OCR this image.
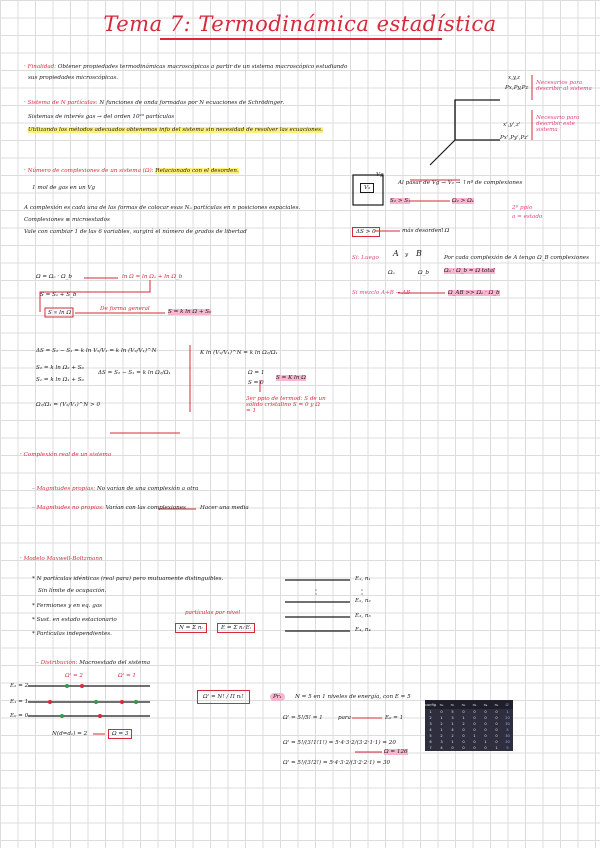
Tema 7: Termodinámica estadística
· Finalidad: Obtener propiedades termodinámicas macroscópicas a partir de un sistema macroscópico estudiando
sus propiedades microscópicas.	x,y,z
Px,Py,Pz
Necesarios para describir al sistema
x',y',z'
Px',Py',Pz'
Necesario para describir este sistema
· Sistema de N partículas: N funciones de onda formadas por N ecuaciones de Schrödinger.
Sistemas de interés gas → del orden 10²³ partículas
Utilizando los métodos adecuados obtenemos info del sistema sin necesidad de resolver las ecuaciones.
· Número de complexiones de un sistema (Ω): Relacionado con el desorden.
1 mol de gas en un Vg
A complexión es cada una de las formas de colocar esas Nₐ partículas en n posiciones espaciales.
Complexiones ≡ microestados
Vale con cambiar 1 de las 6 variables, surgirá el número de grados de libertad
Ω = Ωₐ · Ω_b	ln Ω = ln Ωₐ + ln Ω_b
S = Sₐ + S_b
S ∝ ln Ω
De forma general	S = k ln Ω + S₀
Vg
V₂
Al pasar de Vg → V₂ → ↑nº de complexiones
S₂ > S₁	Ω₂ > Ω₁
2ª ppio
a = estado
ΔS > 0	más desorden
↑Ω
Si: Luego A y B
Ωₐ	Ω_b
Por cada complexión de A tengo Ω_B complexiones
Ωₐ · Ω_b = Ω total
Si mezclo A+B → AB	Ω_AB >> Ωₐ · Ω_b
ΔS = S₂ − S₁ = k ln V₂/V₁ = k ln (V₂/V₁)^N
S₂ = k ln Ω₂ + S₀
S₁ = k ln Ω₁ + S₀
ΔS = S₂ − S₁ = k ln Ω₂/Ω₁
Ω₂/Ω₁ = (V₂/V₁)^N > 0
K ln (V₂/V₁)^N = k ln Ω₂/Ω₁
Ω = 1
S = 0
S = K ln Ω
3er ppio de termod: S de un sólido cristalino S = 0 y Ω = 1
· Complexión real de un sistema
– Magnitudes propias: No varían de una complexión a otra
– Magnitudes no propias: Varían con las complexiones	Hacer una media
· Modelo Maxwell-Boltzmann
* N partículas idénticas (real para) pero mutuamente distinguibles.
Sin límite de ocupación.
* Fermiones y en eq. gas
* Sust. en estado estacionario
* Partículas independientes.
E₁, n₁
E₂, n₂
E₃, n₃
E₄, n₄
partículas por nivel
N = Σ nᵢ	E = Σ nᵢ·Eᵢ
– Distribución: Macroestado del sistema
Ω' = 2	Ω' = 1
E₂ = 2
E₁ = 1
E₀ = 0
N(d=d₁) = 2	Ω = 3
Ω' = N! / Π nᵢ!	Pr₁	N = 5 en 1 niveles de energía, con E = 5
Ω' = 5!/5! = 1	para	E₀ = 1
Ω' = 5!/(3!1!1!) = 5·4·3·2/(3·2·1·1) = 20
Ω = 126
Ω' = 5!/(3!2!) = 5·4·3·2/(3·2·2·1) = 30
config	n₀	n₁	n₂	n₃	n₄	n₅	Ω'
1	0	5	0	0	0	0	1
2	1	3	1	0	0	0	20
3	2	1	2	0	0	0	30
4	1	4	0	0	0	0	5
5	2	2	0	1	0	0	30
6	3	1	0	0	1	0	20
7	4	0	0	0	0	1	5
